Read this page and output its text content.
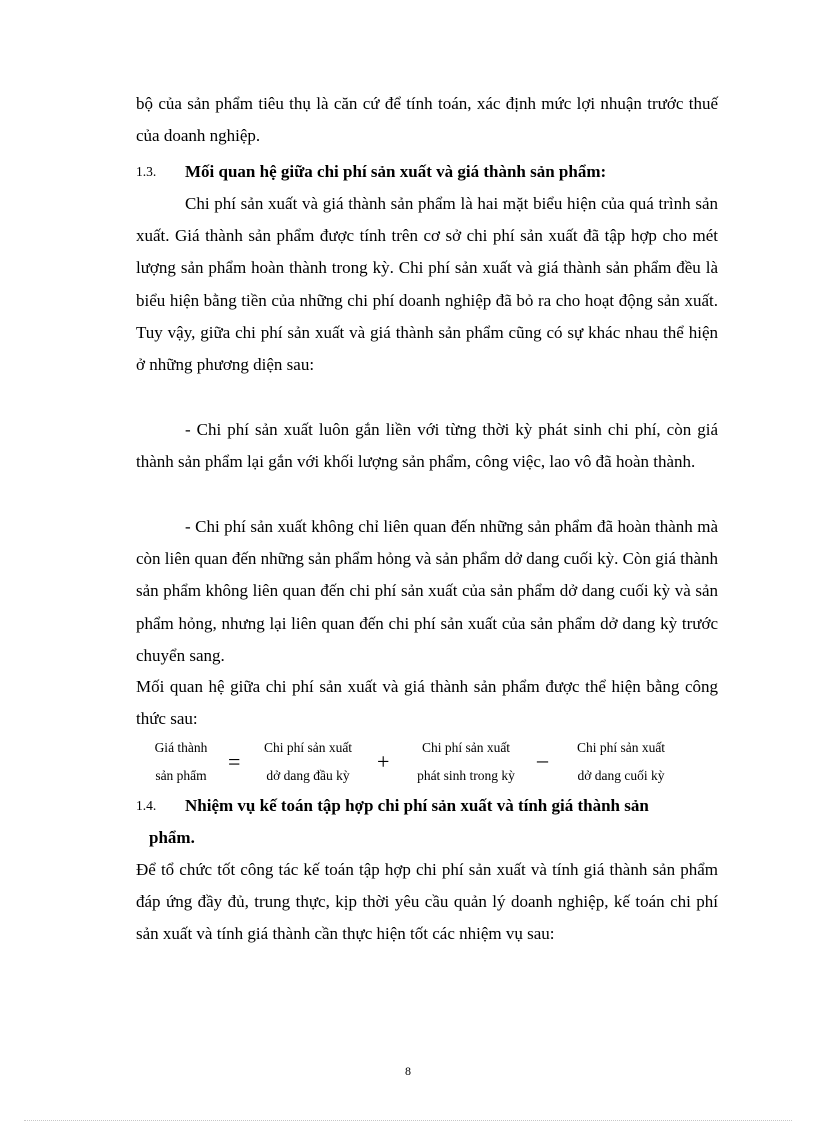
bộ của sản phẩm tiêu thụ là căn cứ để tính toán, xác định mức lợi nhuận trước thuế của doanh nghiệp.

1.3.	Mối quan hệ giữa chi phí sản xuất và giá thành sản phẩm:

Chi phí sản xuất và giá thành sản phẩm là hai mặt biểu hiện của quá trình sản xuất. Giá thành sản phẩm được tính trên cơ sở chi phí sản xuất đã tập hợp cho mét lượng sản phẩm hoàn thành trong kỳ. Chi phí sản xuất và giá thành sản phẩm đều là biểu hiện bằng tiền của những chi phí doanh nghiệp đã bỏ ra cho hoạt động sản xuất. Tuy vậy, giữa chi phí sản xuất và giá thành sản phẩm cũng có sự khác nhau thể hiện ở những phương diện sau:

- Chi phí sản xuất luôn gắn liền với từng thời kỳ phát sinh chi phí, còn giá thành sản phẩm lại gắn với khối lượng sản phẩm, công việc, lao vô đã hoàn thành.

- Chi phí sản xuất không chỉ liên quan đến những sản phẩm đã hoàn thành mà còn liên quan đến những sản phẩm hỏng và sản phẩm dở dang cuối kỳ. Còn giá thành sản phẩm không liên quan đến chi phí sản xuất của sản phẩm dở dang cuối kỳ và sản phẩm hỏng, nhưng lại liên quan đến chi phí sản xuất của sản phẩm dở dang kỳ trước chuyển sang.

Mối quan hệ giữa chi phí sản xuất và giá thành sản phẩm được thể hiện bằng công thức sau:

Giá thành
sản phẩm
=
Chi phí sản xuất
dở dang đầu kỳ
+
Chi phí sản xuất
phát sinh trong kỳ
–	Chi phí sản xuất
dở dang cuối kỳ
1.4.	Nhiệm vụ kế toán tập hợp chi phí sản xuất và tính giá thành sản
phẩm.

Để tổ chức tốt công tác kế toán tập hợp chi phí sản xuất và tính giá thành sản phẩm đáp ứng đầy đủ, trung thực, kịp thời yêu cầu quản lý doanh nghiệp, kế toán chi phí sản xuất và tính giá thành cần thực hiện tốt các nhiệm vụ sau:

8
